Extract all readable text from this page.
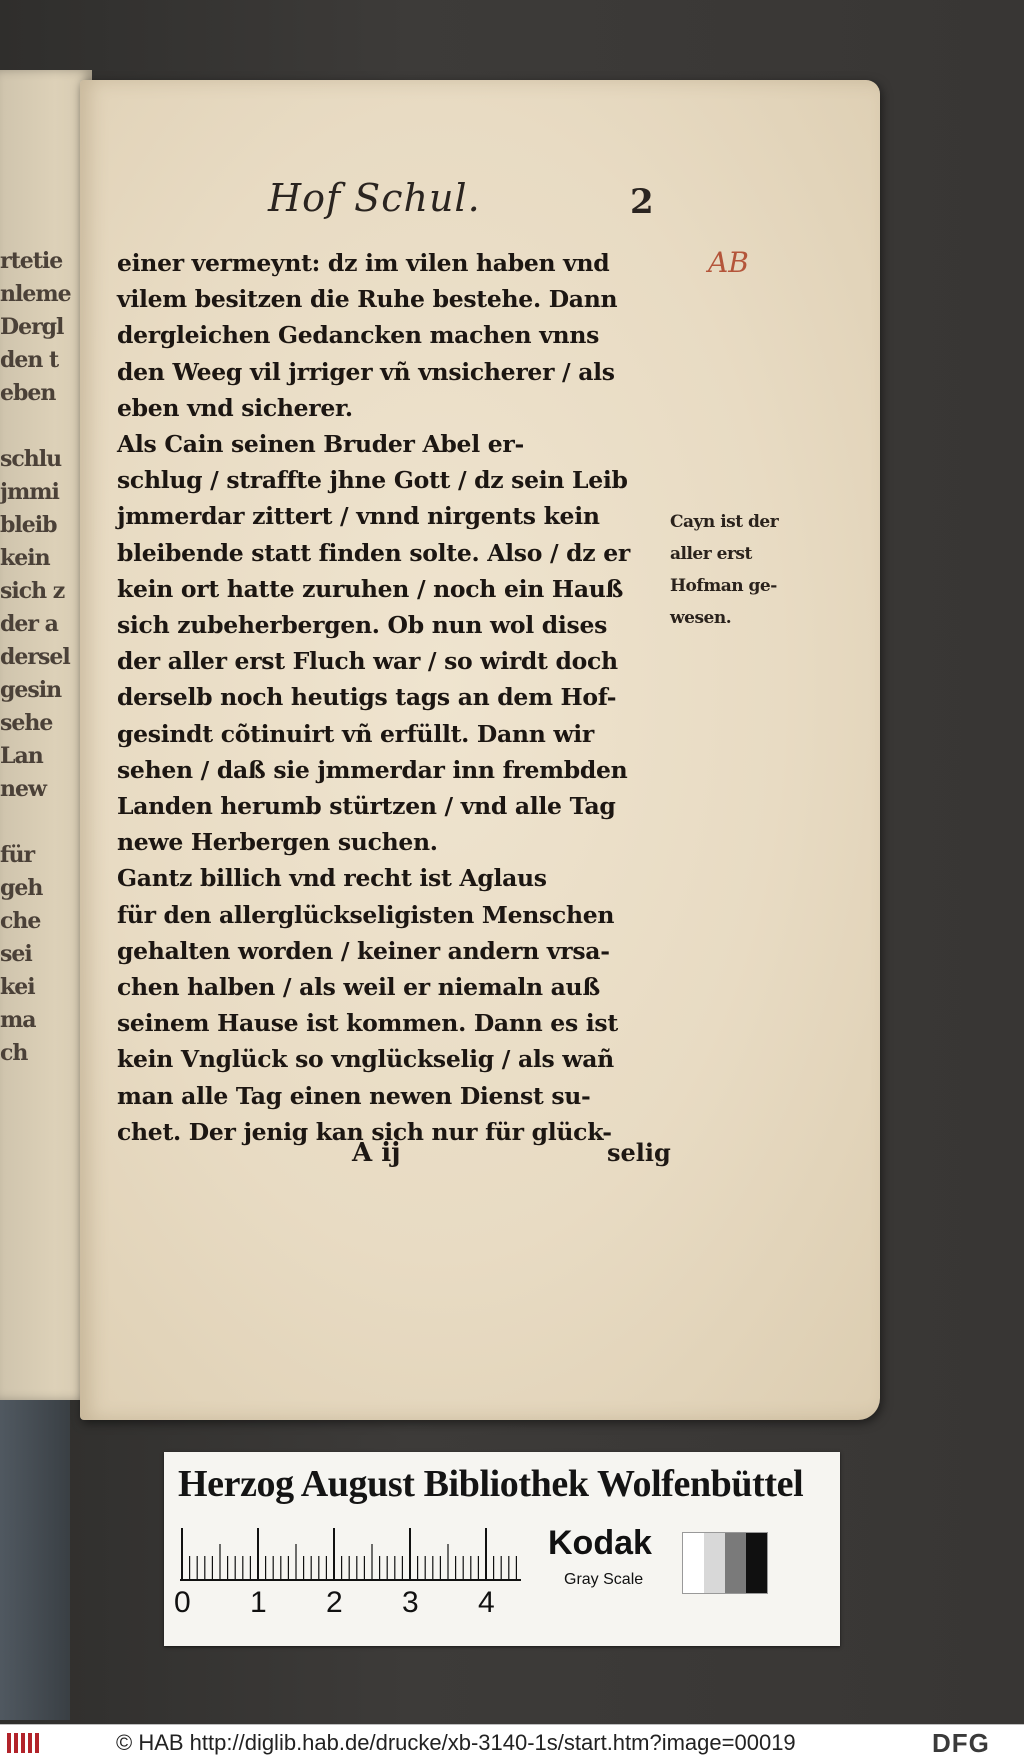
rtetie
nleme
Dergl
den t
eben

schlu
jmmi
bleib
kein
sich z
der a
dersel
gesin
sehe
Lan
new

für
geh
che
sei
kei
ma
ch
Hof Schul.	2
AB
einer vermeynt: dz im vilen haben vnd
vilem besitzen die Ruhe bestehe. Dann
dergleichen Gedancken machen vnns
den Weeg vil jrriger vñ vnsicherer / als
eben vnd sicherer.
Als Cain seinen Bruder Abel er-
schlug / straffte jhne Gott / dz sein Leib
jmmerdar zittert / vnnd nirgents kein
bleibende statt finden solte. Also / dz er
kein ort hatte zuruhen / noch ein Hauß
sich zubeherbergen. Ob nun wol dises
der aller erst Fluch war / so wirdt doch
derselb noch heutigs tags an dem Hof-
gesindt cõtinuirt vñ erfüllt. Dann wir
sehen / daß sie jmmerdar inn frembden
Landen herumb stürtzen / vnd alle Tag
newe Herbergen suchen.
Gantz billich vnd recht ist Aglaus
für den allerglückseligisten Menschen
gehalten worden / keiner andern vrsa-
chen halben / als weil er niemaln auß
seinem Hause ist kommen. Dann es ist
kein Vnglück so vnglückselig / als wañ
man alle Tag einen newen Dienst su-
chet. Der jenig kan sich nur für glück-
Cayn ist der
aller erst
Hofman ge-
wesen.
A ij	selig
Herzog August Bibliothek Wolfenbüttel
0 1 2 3 4
Kodak
Gray Scale
© HAB http://diglib.hab.de/drucke/xb-3140-1s/start.htm?image=00019	DFG
